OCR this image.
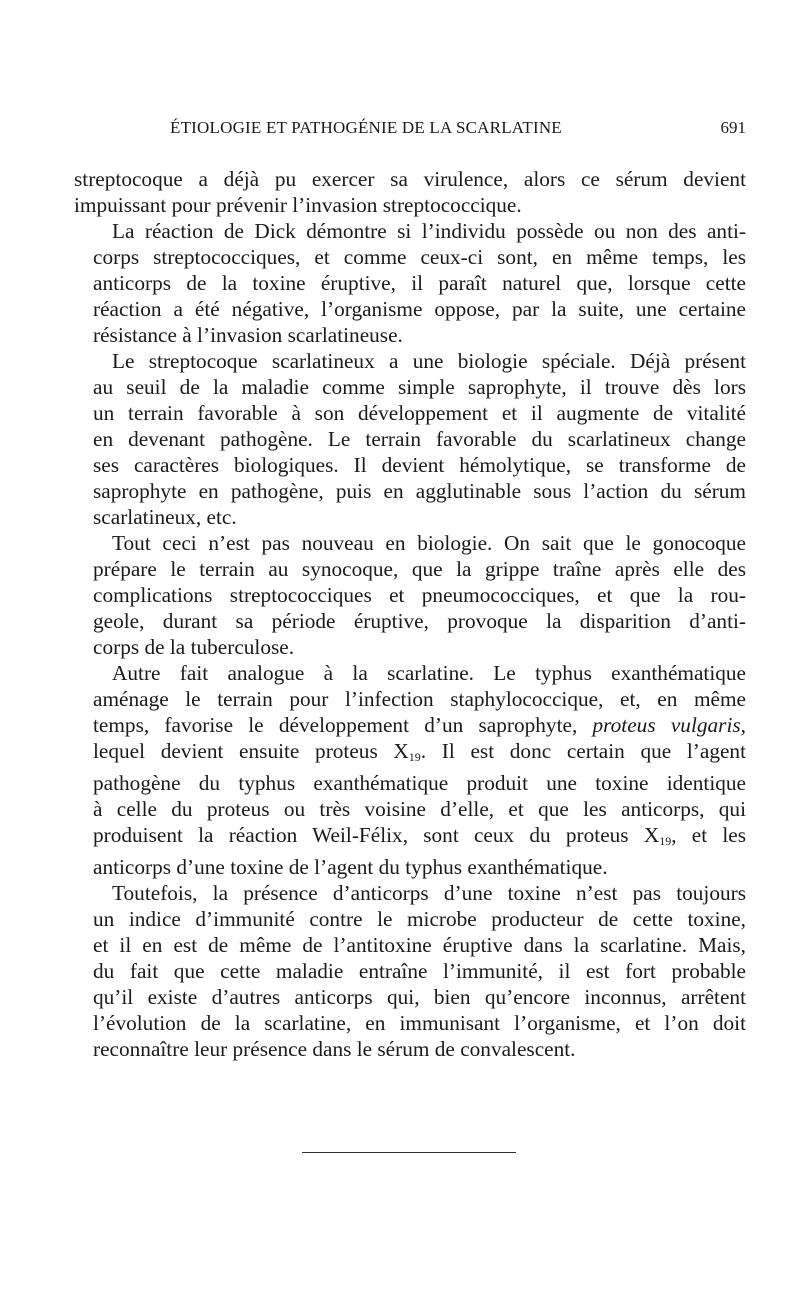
ÉTIOLOGIE ET PATHOGÉNIE DE LA SCARLATINE	691
streptocoque a déjà pu exercer sa virulence, alors ce sérum devient
impuissant pour prévenir l’invasion streptococcique.
La réaction de Dick démontre si l’individu possède ou non des anti-
corps streptococciques, et comme ceux-ci sont, en même temps, les
anticorps de la toxine éruptive, il paraît naturel que, lorsque cette
réaction a été négative, l’organisme oppose, par la suite, une certaine
résistance à l’invasion scarlatineuse.
Le streptocoque scarlatineux a une biologie spéciale. Déjà présent
au seuil de la maladie comme simple saprophyte, il trouve dès lors
un terrain favorable à son développement et il augmente de vitalité
en devenant pathogène. Le terrain favorable du scarlatineux change
ses caractères biologiques. Il devient hémolytique, se transforme de
saprophyte en pathogène, puis en agglutinable sous l’action du sérum
scarlatineux, etc.
Tout ceci n’est pas nouveau en biologie. On sait que le gonocoque
prépare le terrain au synocoque, que la grippe traîne après elle des
complications streptococciques et pneumococciques, et que la rou-
geole, durant sa période éruptive, provoque la disparition d’anti-
corps de la tuberculose.
Autre fait analogue à la scarlatine. Le typhus exanthématique
aménage le terrain pour l’infection staphylococcique, et, en même
temps, favorise le développement d’un saprophyte, proteus vulgaris,
lequel devient ensuite proteus $X_{19}$. Il est donc certain que l’agent
pathogène du typhus exanthématique produit une toxine identique
à celle du proteus ou très voisine d’elle, et que les anticorps, qui
produisent la réaction Weil-Félix, sont ceux du proteus $X_{19}$, et les
anticorps d’une toxine de l’agent du typhus exanthématique.
Toutefois, la présence d’anticorps d’une toxine n’est pas toujours
un indice d’immunité contre le microbe producteur de cette toxine,
et il en est de même de l’antitoxine éruptive dans la scarlatine. Mais,
du fait que cette maladie entraîne l’immunité, il est fort probable
qu’il existe d’autres anticorps qui, bien qu’encore inconnus, arrêtent
l’évolution de la scarlatine, en immunisant l’organisme, et l’on doit
reconnaître leur présence dans le sérum de convalescent.
